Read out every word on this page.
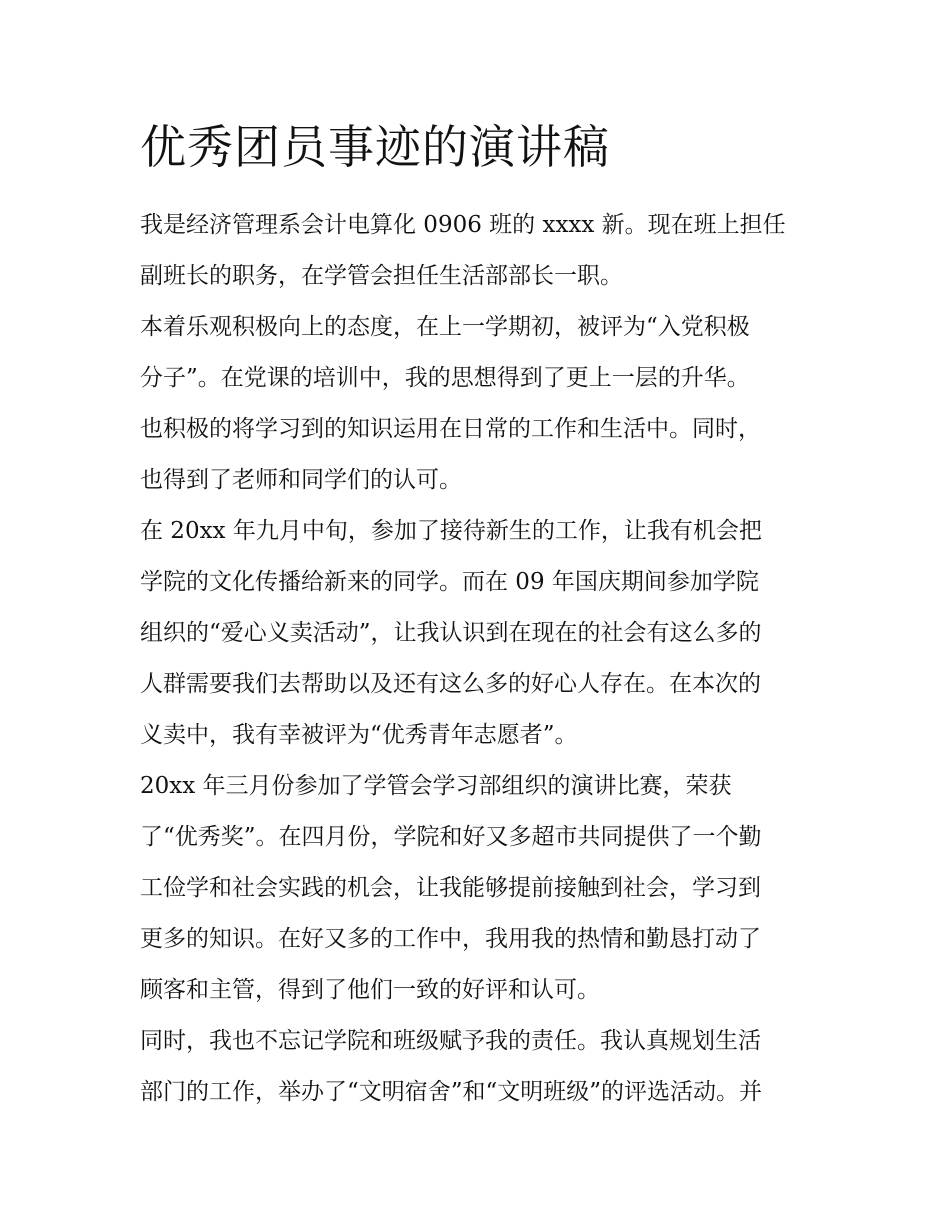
优秀团员事迹的演讲稿
我是经济管理系会计电算化 0906 班的 xxxx 新。现在班上担任
副班长的职务，在学管会担任生活部部长一职。
本着乐观积极向上的态度，在上一学期初，被评为“入党积极
分子”。在党课的培训中，我的思想得到了更上一层的升华。
也积极的将学习到的知识运用在日常的工作和生活中。同时，
也得到了老师和同学们的认可。
在 20xx 年九月中旬，参加了接待新生的工作，让我有机会把
学院的文化传播给新来的同学。而在 09 年国庆期间参加学院
组织的“爱心义卖活动”，让我认识到在现在的社会有这么多的
人群需要我们去帮助以及还有这么多的好心人存在。在本次的
义卖中，我有幸被评为“优秀青年志愿者”。
20xx 年三月份参加了学管会学习部组织的演讲比赛，荣获
了“优秀奖”。在四月份，学院和好又多超市共同提供了一个勤
工俭学和社会实践的机会，让我能够提前接触到社会，学习到
更多的知识。在好又多的工作中，我用我的热情和勤恳打动了
顾客和主管，得到了他们一致的好评和认可。
同时，我也不忘记学院和班级赋予我的责任。我认真规划生活
部门的工作，举办了“文明宿舍”和“文明班级”的评选活动。并
